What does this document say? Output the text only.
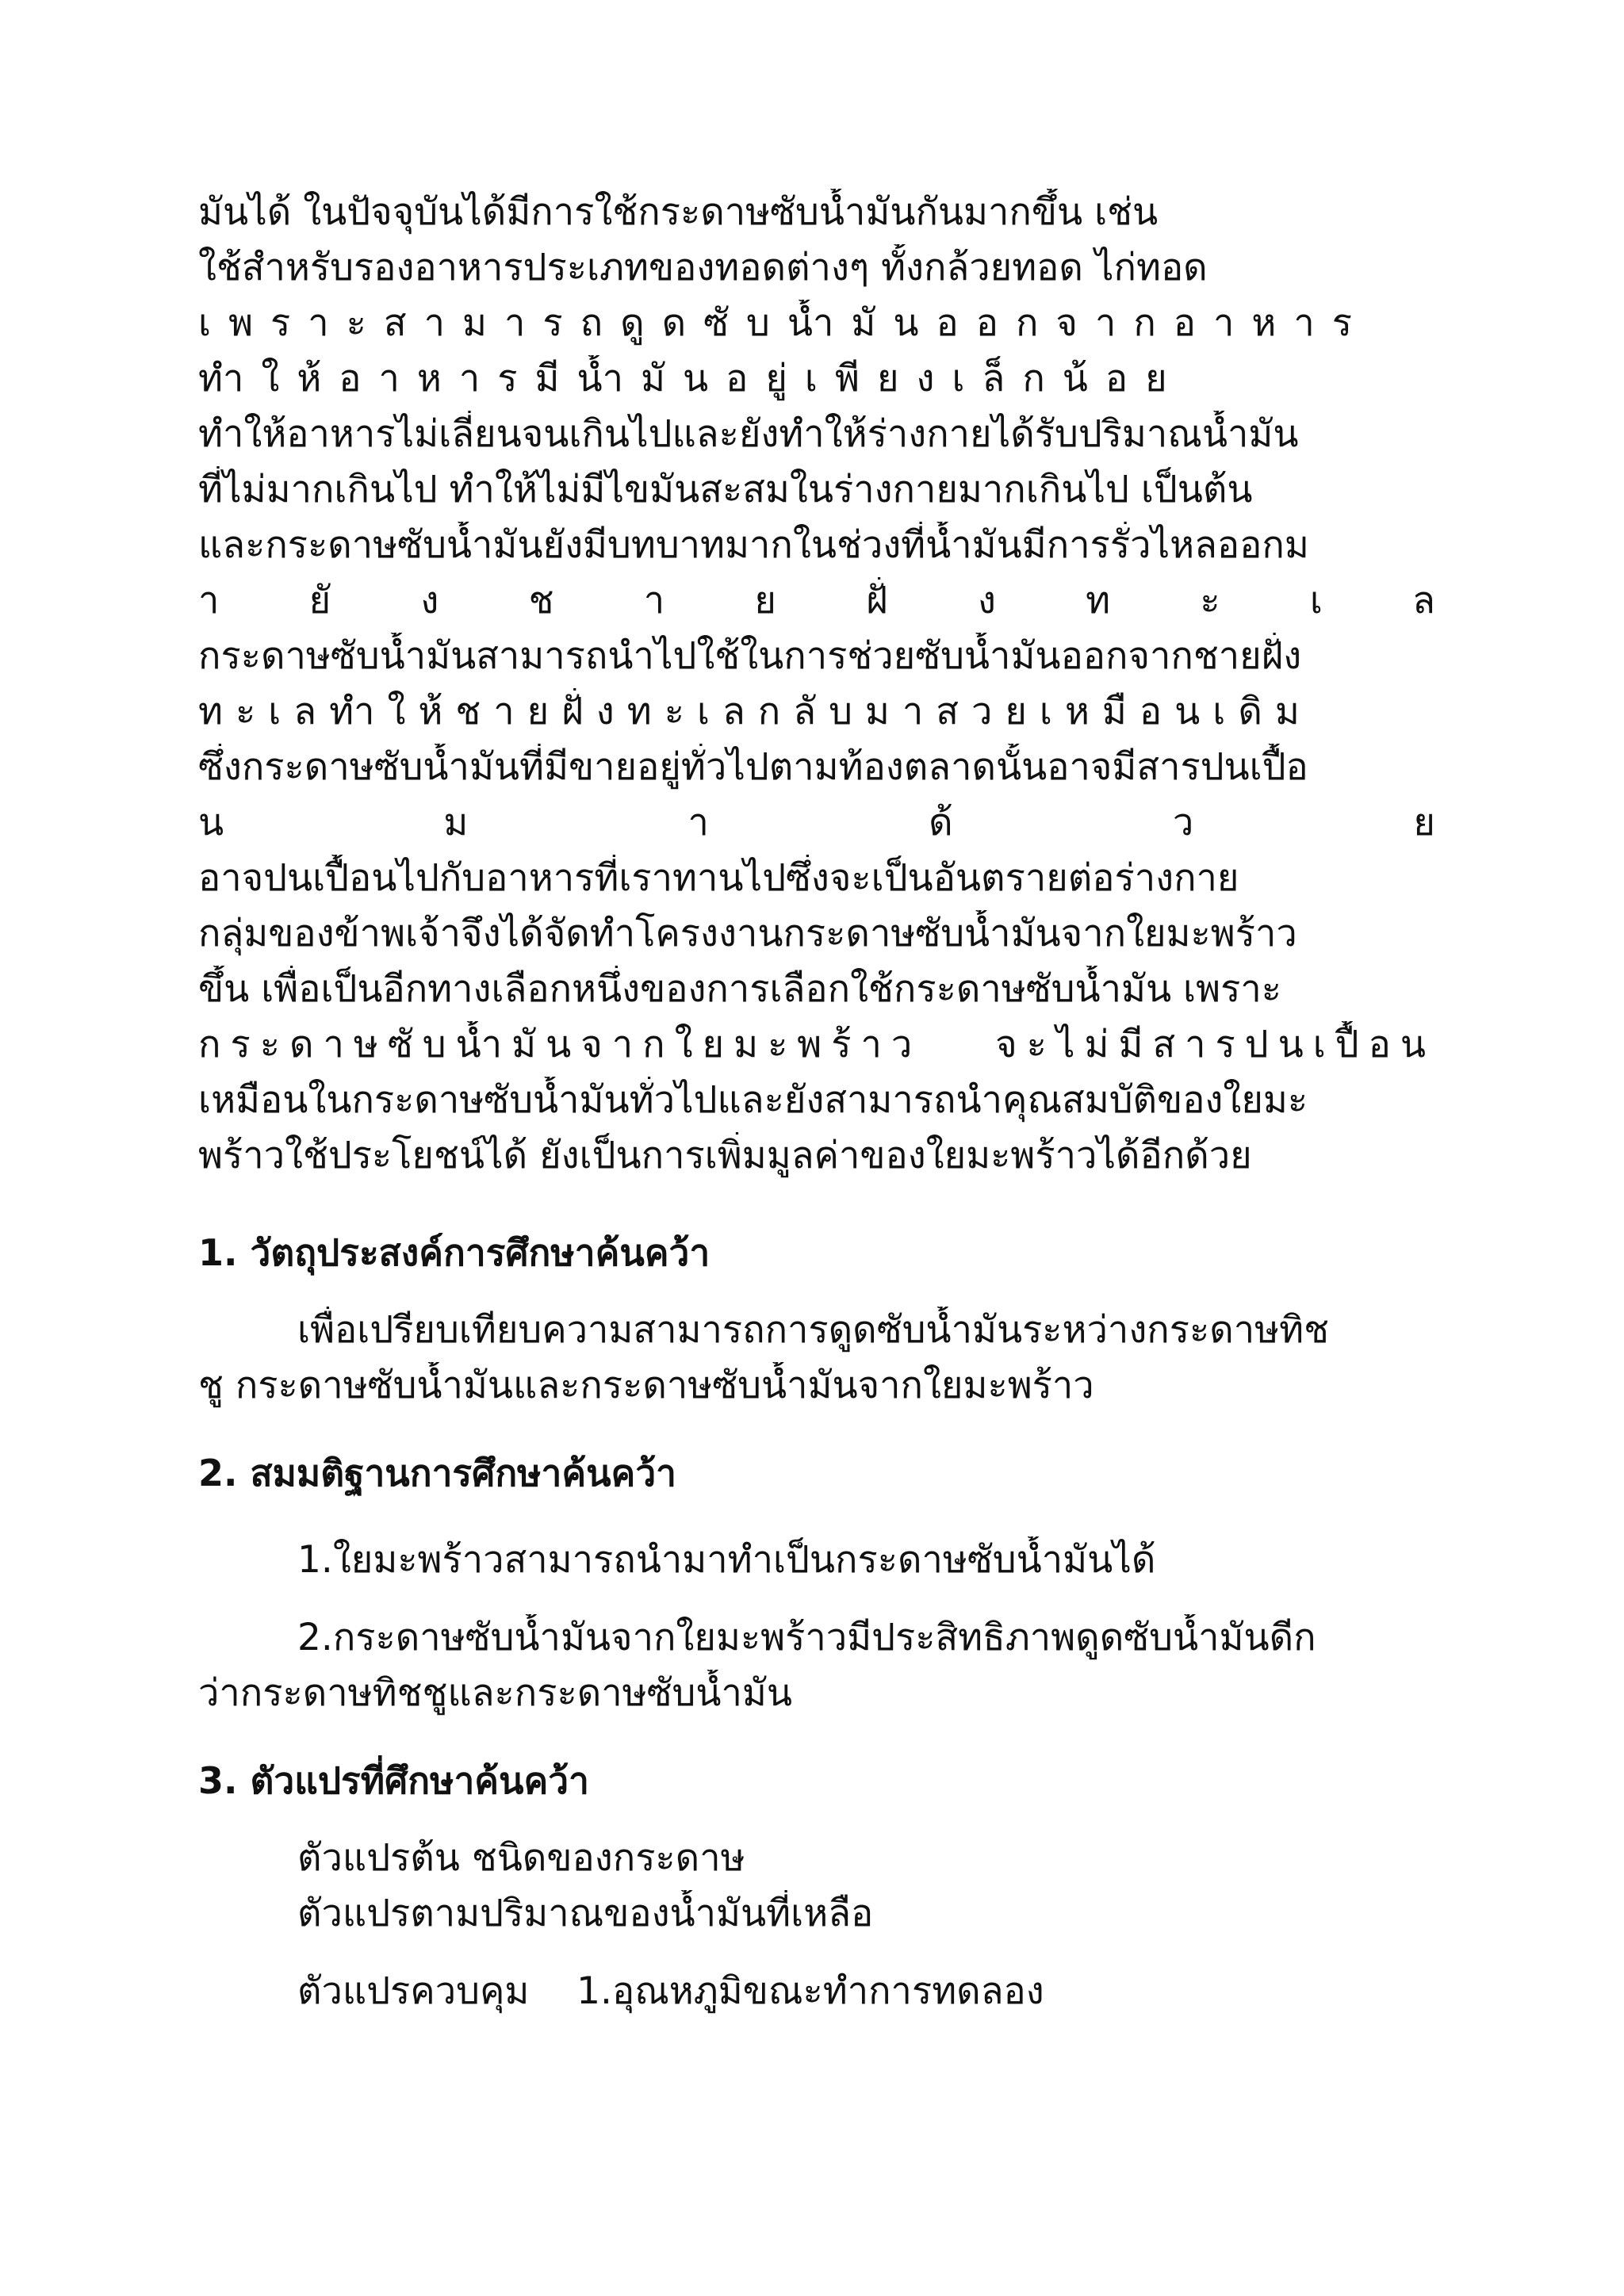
มันได้ ในปัจจุบันได้มีการใช้กระดาษซับน้ำมันกันมากขึ้น เช่น
ใช้สำหรับรองอาหารประเภทของทอดต่างๆ ทั้งกล้วยทอด ไก่ทอด
เพราะสามารถดูดซับน้ำมันออกจากอาหาร
ทำให้อาหารมีน้ำมันอยู่เพียงเล็กน้อย
ทำให้อาหารไม่เลี่ยนจนเกินไปและยังทำให้ร่างกายได้รับปริมาณน้ำมัน
ที่ไม่มากเกินไป ทำให้ไม่มีไขมันสะสมในร่างกายมากเกินไป เป็นต้น
และกระดาษซับน้ำมันยังมีบทบาทมากในช่วงที่น้ำมันมีการรั่วไหลออกม
า ยั ง ช า ย ฝั่ ง ท ะ เ ล
กระดาษซับน้ำมันสามารถนำไปใช้ในการช่วยซับน้ำมันออกจากชายฝั่ง
ทะเลทำให้ชายฝั่งทะเลกลับมาสวยเหมือนเดิม
ซึ่งกระดาษซับน้ำมันที่มีขายอยู่ทั่วไปตามท้องตลาดนั้นอาจมีสารปนเปื้อ
น	ม	า	ด้	ว	ย
อาจปนเปื้อนไปกับอาหารที่เราทานไปซึ่งจะเป็นอันตรายต่อร่างกาย
กลุ่มของข้าพเจ้าจึงได้จัดทำโครงงานกระดาษซับน้ำมันจากใยมะพร้าว
ขึ้น เพื่อเป็นอีกทางเลือกหนึ่งของการเลือกใช้กระดาษซับน้ำมัน เพราะ
กระดาษซับน้ำมันจากใยมะพร้าว จะไม่มีสารปนเปื้อน
เหมือนในกระดาษซับน้ำมันทั่วไปและยังสามารถนำคุณสมบัติของใยมะ
พร้าวใช้ประโยชน์ได้ ยังเป็นการเพิ่มมูลค่าของใยมะพร้าวได้อีกด้วย
1. วัตถุประสงค์การศึกษาค้นคว้า
เพื่อเปรียบเทียบความสามารถการดูดซับน้ำมันระหว่างกระดาษทิช
ชู กระดาษซับน้ำมันและกระดาษซับน้ำมันจากใยมะพร้าว
2. สมมติฐานการศึกษาค้นคว้า
1.ใยมะพร้าวสามารถนำมาทำเป็นกระดาษซับน้ำมันได้
2.กระดาษซับน้ำมันจากใยมะพร้าวมีประสิทธิภาพดูดซับน้ำมันดีก
ว่ากระดาษทิชชูและกระดาษซับน้ำมัน
3. ตัวแปรที่ศึกษาค้นคว้า
ตัวแปรต้น ชนิดของกระดาษ
ตัวแปรตามปริมาณของน้ำมันที่เหลือ
ตัวแปรควบคุม    1.อุณหภูมิขณะทำการทดลอง
